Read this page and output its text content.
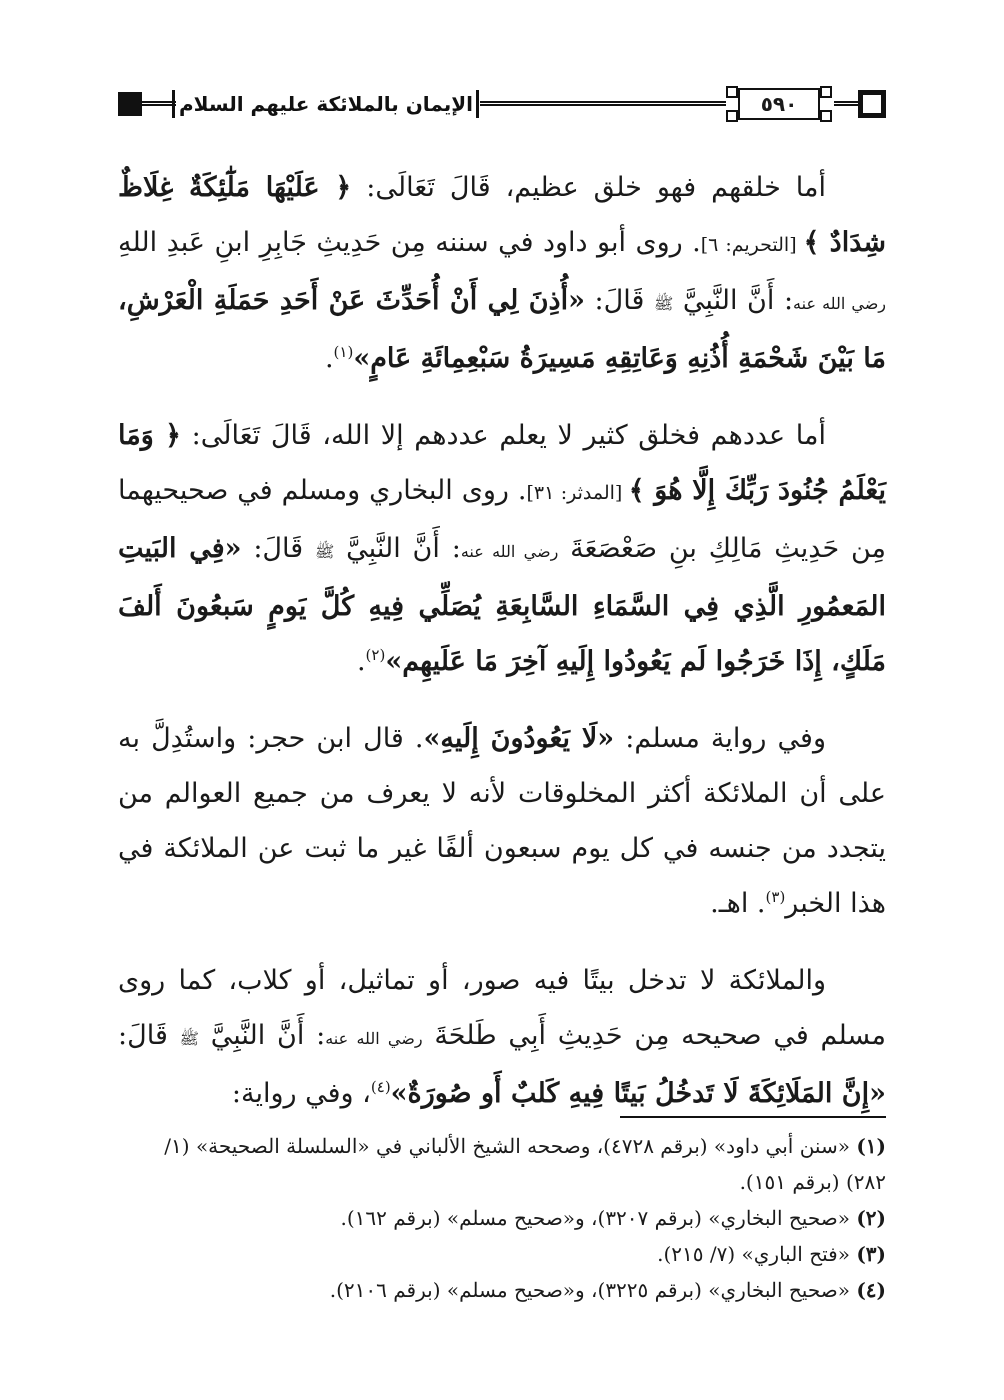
الإيمان بالملائكة عليهم السلام	٥٩٠

أما خلقهم فهو خلق عظيم، قَالَ تَعَالَى: ﴿ عَلَيْهَا مَلَٰٓئِكَةٌ غِلَاظٌ شِدَادٌ ﴾ [التحريم: ٦]. روى أبو داود في سننه مِن حَدِيثِ جَابِرِ ابنِ عَبدِ اللهِ رضي الله عنه: أَنَّ النَّبِيَّ ﷺ قَالَ: «أُذِنَ لِي أَنْ أُحَدِّثَ عَنْ أَحَدِ حَمَلَةِ الْعَرْشِ، مَا بَيْنَ شَحْمَةِ أُذُنِهِ وَعَاتِقِهِ مَسِيرَةُ سَبْعِمِائَةِ عَامٍ»$^{(١)}$.

أما عددهم فخلق كثير لا يعلم عددهم إلا الله، قَالَ تَعَالَى: ﴿ وَمَا يَعْلَمُ جُنُودَ رَبِّكَ إِلَّا هُوَ ﴾ [المدثر: ٣١]. روى البخاري ومسلم في صحيحيهما مِن حَدِيثِ مَالِكِ بنِ صَعْصَعَةَ رضي الله عنه: أَنَّ النَّبِيَّ ﷺ قَالَ: «فِي البَيتِ المَعمُورِ الَّذِي فِي السَّمَاءِ السَّابِعَةِ يُصَلِّي فِيهِ كُلَّ يَومٍ سَبعُونَ أَلفَ مَلَكٍ، إِذَا خَرَجُوا لَم يَعُودُوا إِلَيهِ آخِرَ مَا عَلَيهِم»$^{(٢)}$.

وفي رواية مسلم: «لَا يَعُودُونَ إِلَيهِ». قال ابن حجر: واستُدِلَّ به على أن الملائكة أكثر المخلوقات لأنه لا يعرف من جميع العوالم من يتجدد من جنسه في كل يوم سبعون ألفًا غير ما ثبت عن الملائكة في هذا الخبر$^{(٣)}$. اهـ.

والملائكة لا تدخل بيتًا فيه صور، أو تماثيل، أو كلاب، كما روى مسلم في صحيحه مِن حَدِيثِ أَبِي طَلحَةَ رضي الله عنه: أَنَّ النَّبِيَّ ﷺ قَالَ: «إِنَّ المَلَائِكَةَ لَا تَدخُلُ بَيتًا فِيهِ كَلبٌ أَو صُورَةٌ»$^{(٤)}$، وفي رواية:

(١) «سنن أبي داود» (برقم ٤٧٢٨)، وصححه الشيخ الألباني في «السلسلة الصحيحة» (١/ ٢٨٢) (برقم ١٥١).

(٢) «صحيح البخاري» (برقم ٣٢٠٧)، و«صحيح مسلم» (برقم ١٦٢).

(٣) «فتح الباري» (٧/ ٢١٥).

(٤) «صحيح البخاري» (برقم ٣٢٢٥)، و«صحيح مسلم» (برقم ٢١٠٦).
